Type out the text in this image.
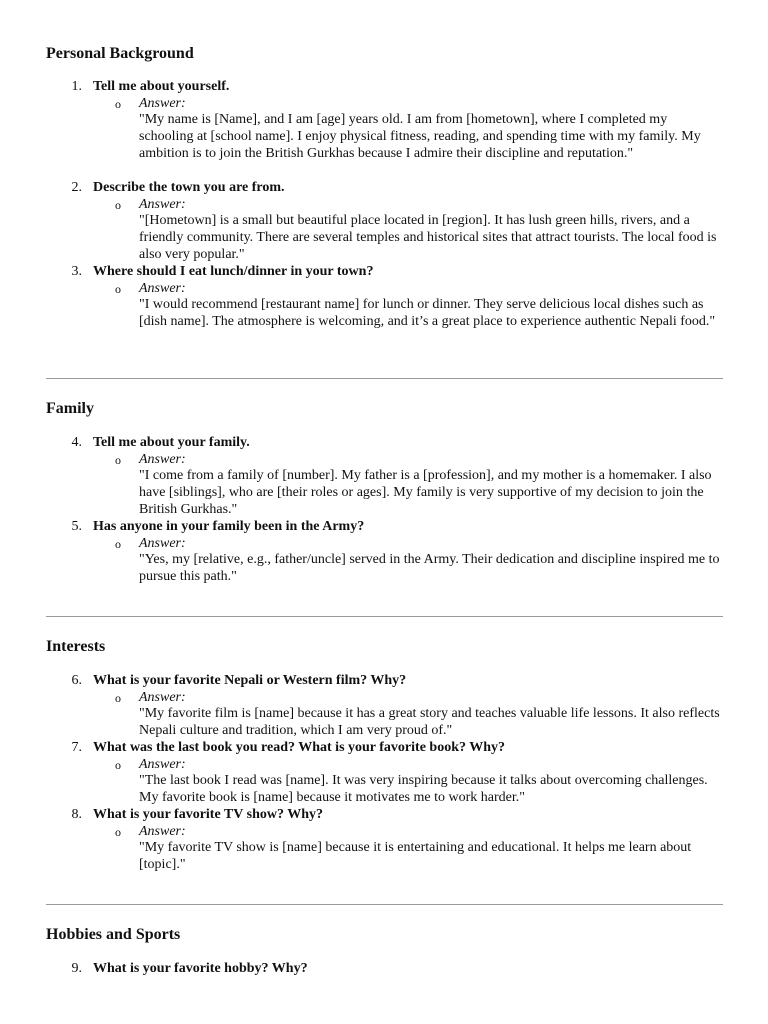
Personal Background
1. Tell me about yourself.
o Answer:

"My name is [Name], and I am [age] years old. I am from [hometown], where I completed my schooling at [school name]. I enjoy physical fitness, reading, and spending time with my family. My ambition is to join the British Gurkhas because I admire their discipline and reputation."

2. Describe the town you are from.
o Answer:

"[Hometown] is a small but beautiful place located in [region]. It has lush green hills, rivers, and a friendly community. There are several temples and historical sites that attract tourists. The local food is also very popular."

3. Where should I eat lunch/dinner in your town?
o Answer:

"I would recommend [restaurant name] for lunch or dinner. They serve delicious local dishes such as [dish name]. The atmosphere is welcoming, and it’s a great place to experience authentic Nepali food."

Family
4. Tell me about your family.
o Answer:

"I come from a family of [number]. My father is a [profession], and my mother is a homemaker. I also have [siblings], who are [their roles or ages]. My family is very supportive of my decision to join the British Gurkhas."

5. Has anyone in your family been in the Army?
o Answer:

"Yes, my [relative, e.g., father/uncle] served in the Army. Their dedication and discipline inspired me to pursue this path."

Interests
6. What is your favorite Nepali or Western film? Why?
o Answer:

"My favorite film is [name] because it has a great story and teaches valuable life lessons. It also reflects Nepali culture and tradition, which I am very proud of."

7. What was the last book you read? What is your favorite book? Why?
o Answer:

"The last book I read was [name]. It was very inspiring because it talks about overcoming challenges. My favorite book is [name] because it motivates me to work harder."

8. What is your favorite TV show? Why?
o Answer:

"My favorite TV show is [name] because it is entertaining and educational. It helps me learn about [topic]."

Hobbies and Sports
9. What is your favorite hobby? Why?
